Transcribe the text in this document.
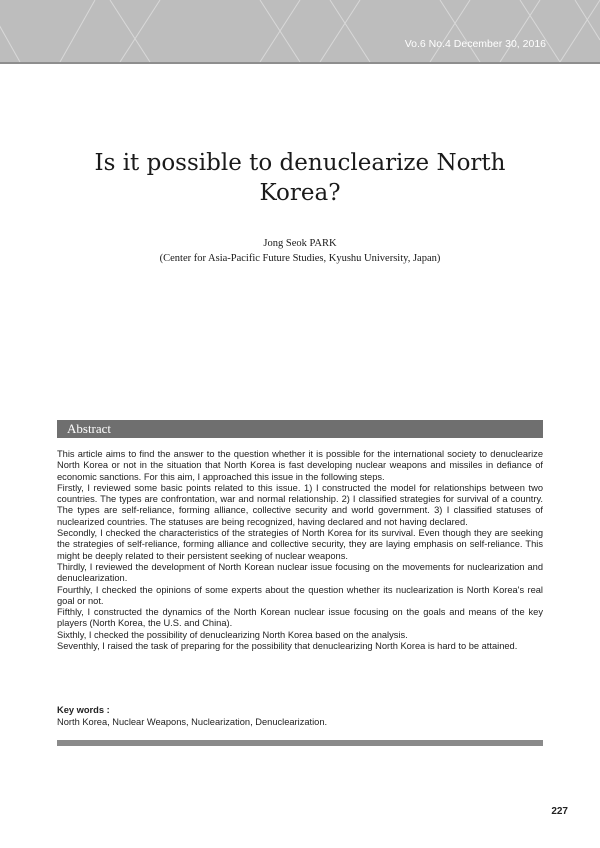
Vo.6 No.4 December 30, 2016
Is it possible to denuclearize North Korea?
Jong Seok PARK
(Center for Asia-Pacific Future Studies, Kyushu University, Japan)
Abstract

This article aims to find the answer to the question whether it is possible for the international society to denuclearize North Korea or not in the situation that North Korea is fast developing nuclear weapons and missiles in defiance of economic sanctions. For this aim, I approached this issue in the following steps.

Firstly, I reviewed some basic points related to this issue. 1) I constructed the model for relationships between two countries. The types are confrontation, war and normal relationship. 2) I classified strategies for survival of a country. The types are self-reliance, forming alliance, collective security and world government. 3) I classified statuses of nuclearized countries. The statuses are being recognized, having declared and not having declared.

Secondly, I checked the characteristics of the strategies of North Korea for its survival. Even though they are seeking the strategies of self-reliance, forming alliance and collective security, they are laying emphasis on self-reliance. This might be deeply related to their persistent seeking of nuclear weapons.

Thirdly, I reviewed the development of North Korean nuclear issue focusing on the movements for nuclearization and denuclearization.

Fourthly, I checked the opinions of some experts about the question whether its nuclearization is North Korea's real goal or not.

Fifthly, I constructed the dynamics of the North Korean nuclear issue focusing on the goals and means of the key players (North Korea, the U.S. and China).

Sixthly, I checked the possibility of denuclearizing North Korea based on the analysis.

Seventhly, I raised the task of preparing for the possibility that denuclearizing North Korea is hard to be attained.

Key words :
North Korea, Nuclear Weapons, Nuclearization, Denuclearization.
227
